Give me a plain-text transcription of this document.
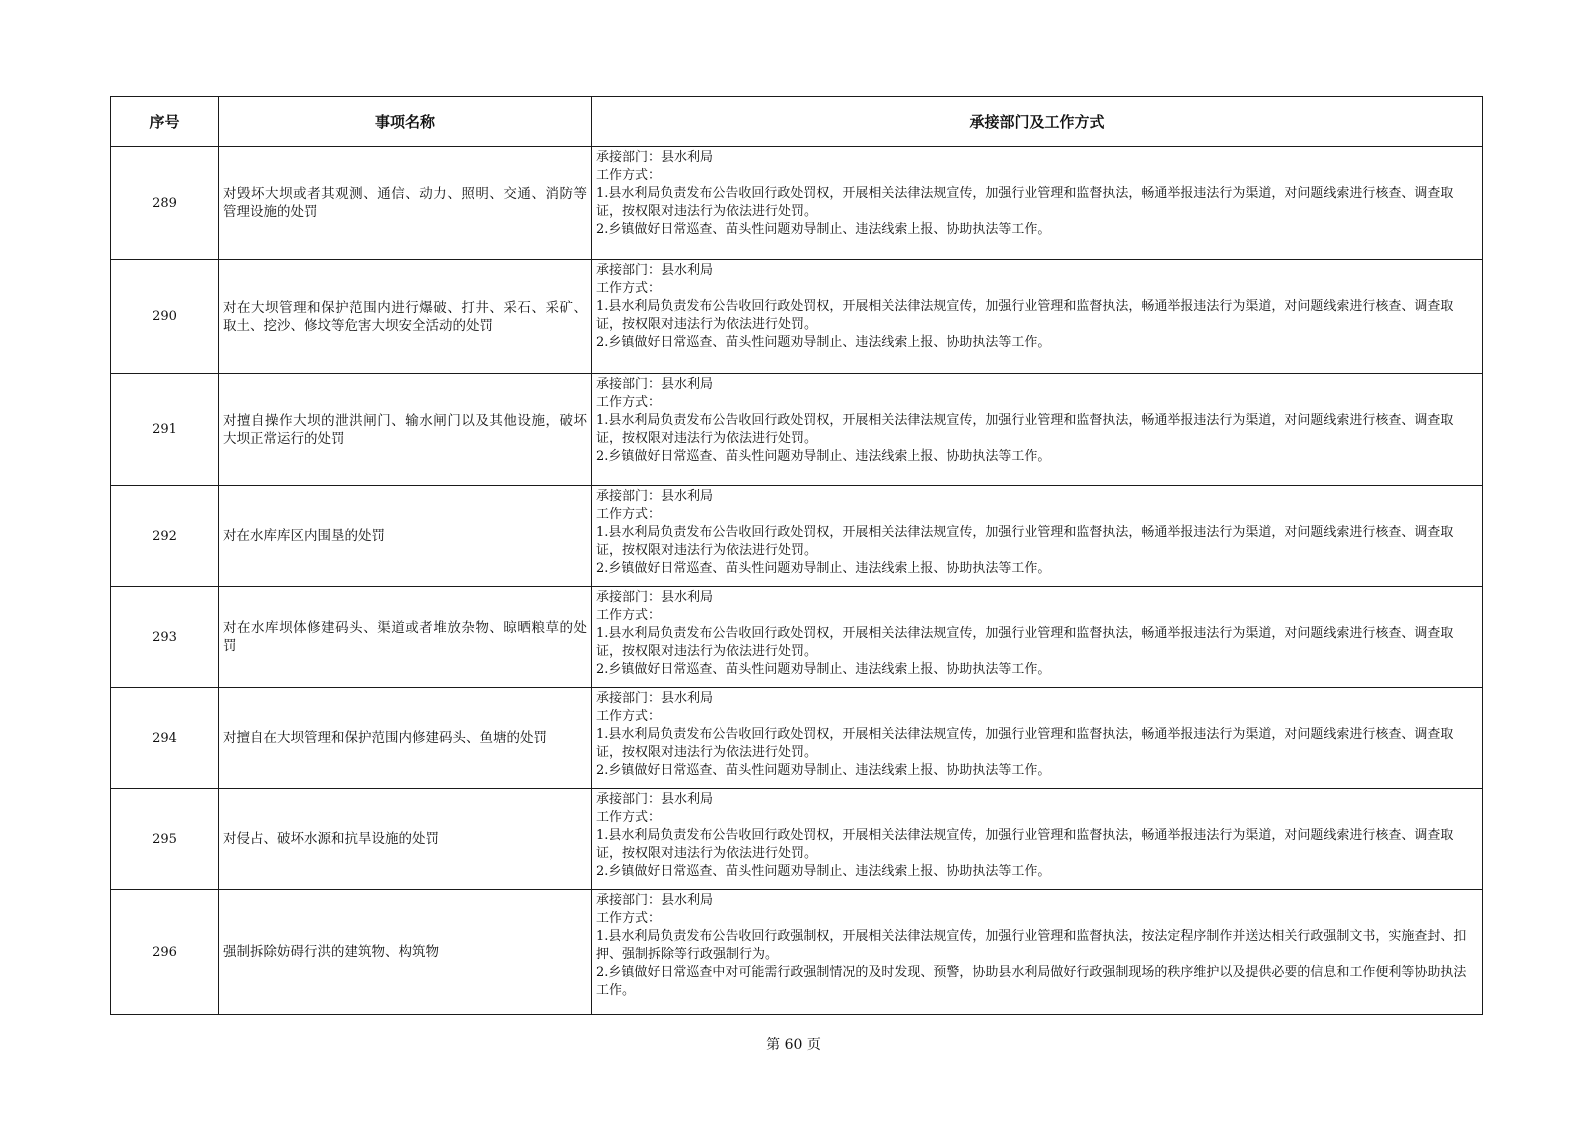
序号	事项名称	承接部门及工作方式
289	对毁坏大坝或者其观测、通信、动力、照明、交通、消防等管理设施的处罚	承接部门：县水利局
工作方式：
1.县水利局负责发布公告收回行政处罚权，开展相关法律法规宣传，加强行业管理和监督执法，畅通举报违法行为渠道，对问题线索进行核查、调查取证，按权限对违法行为依法进行处罚。
2.乡镇做好日常巡查、苗头性问题劝导制止、违法线索上报、协助执法等工作。

290	对在大坝管理和保护范围内进行爆破、打井、采石、采矿、取土、挖沙、修坟等危害大坝安全活动的处罚	承接部门：县水利局
工作方式：
1.县水利局负责发布公告收回行政处罚权，开展相关法律法规宣传，加强行业管理和监督执法，畅通举报违法行为渠道，对问题线索进行核查、调查取证，按权限对违法行为依法进行处罚。
2.乡镇做好日常巡查、苗头性问题劝导制止、违法线索上报、协助执法等工作。

291	对擅自操作大坝的泄洪闸门、输水闸门以及其他设施，破坏大坝正常运行的处罚	承接部门：县水利局
工作方式：
1.县水利局负责发布公告收回行政处罚权，开展相关法律法规宣传，加强行业管理和监督执法，畅通举报违法行为渠道，对问题线索进行核查、调查取证，按权限对违法行为依法进行处罚。
2.乡镇做好日常巡查、苗头性问题劝导制止、违法线索上报、协助执法等工作。

292	对在水库库区内围垦的处罚	承接部门：县水利局
工作方式：
1.县水利局负责发布公告收回行政处罚权，开展相关法律法规宣传，加强行业管理和监督执法，畅通举报违法行为渠道，对问题线索进行核查、调查取证，按权限对违法行为依法进行处罚。
2.乡镇做好日常巡查、苗头性问题劝导制止、违法线索上报、协助执法等工作。

293	对在水库坝体修建码头、渠道或者堆放杂物、晾晒粮草的处罚	承接部门：县水利局
工作方式：
1.县水利局负责发布公告收回行政处罚权，开展相关法律法规宣传，加强行业管理和监督执法，畅通举报违法行为渠道，对问题线索进行核查、调查取证，按权限对违法行为依法进行处罚。
2.乡镇做好日常巡查、苗头性问题劝导制止、违法线索上报、协助执法等工作。

294	对擅自在大坝管理和保护范围内修建码头、鱼塘的处罚	承接部门：县水利局
工作方式：
1.县水利局负责发布公告收回行政处罚权，开展相关法律法规宣传，加强行业管理和监督执法，畅通举报违法行为渠道，对问题线索进行核查、调查取证，按权限对违法行为依法进行处罚。
2.乡镇做好日常巡查、苗头性问题劝导制止、违法线索上报、协助执法等工作。

295	对侵占、破坏水源和抗旱设施的处罚	承接部门：县水利局
工作方式：
1.县水利局负责发布公告收回行政处罚权，开展相关法律法规宣传，加强行业管理和监督执法，畅通举报违法行为渠道，对问题线索进行核查、调查取证，按权限对违法行为依法进行处罚。
2.乡镇做好日常巡查、苗头性问题劝导制止、违法线索上报、协助执法等工作。

296	强制拆除妨碍行洪的建筑物、构筑物	承接部门：县水利局
工作方式：
1.县水利局负责发布公告收回行政强制权，开展相关法律法规宣传，加强行业管理和监督执法，按法定程序制作并送达相关行政强制文书，实施查封、扣押、强制拆除等行政强制行为。
2.乡镇做好日常巡查中对可能需行政强制情况的及时发现、预警，协助县水利局做好行政强制现场的秩序维护以及提供必要的信息和工作便利等协助执法工作。
第 60 页
